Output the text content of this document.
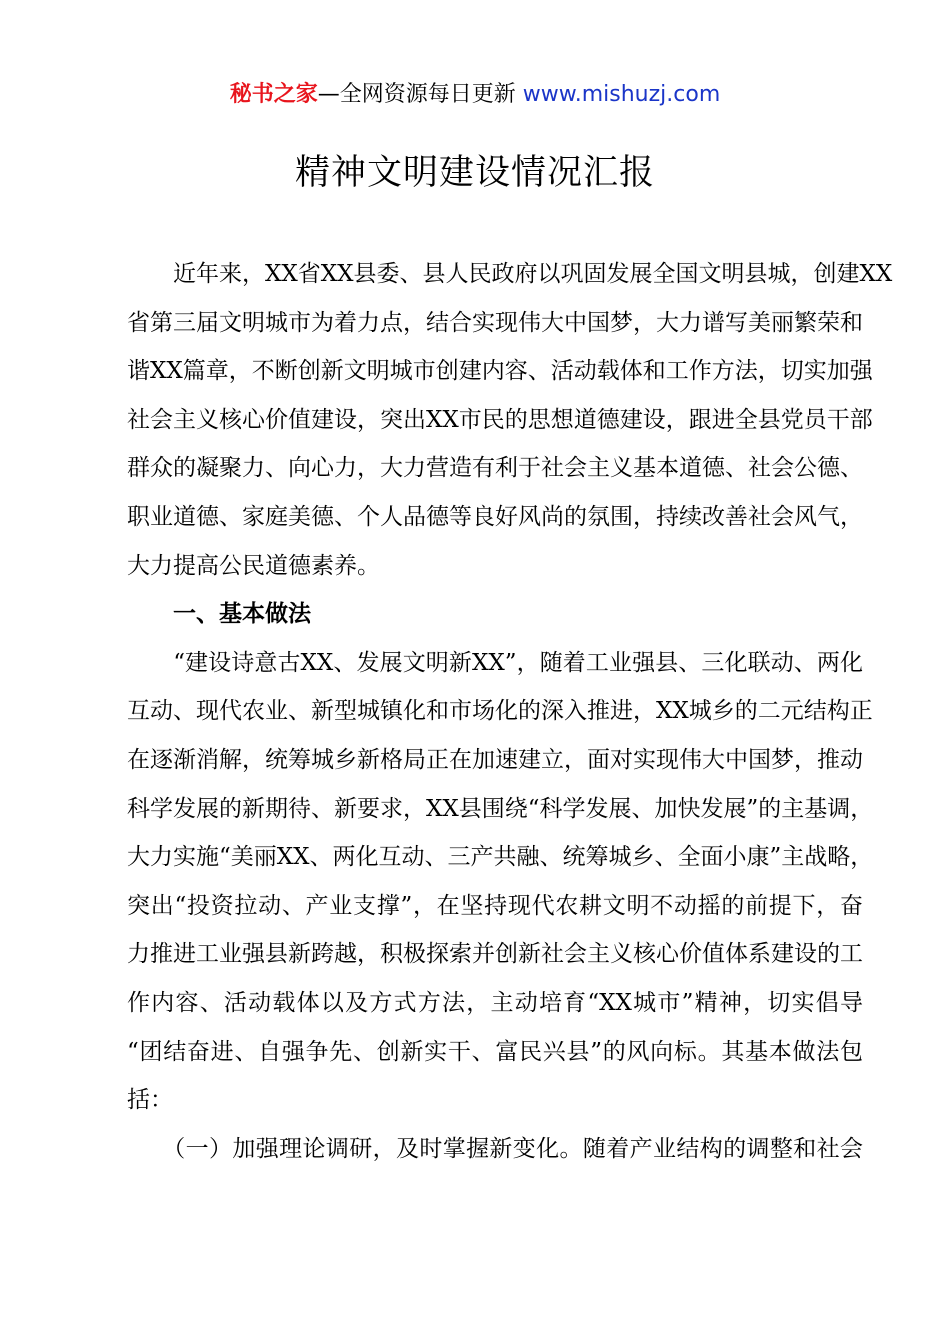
秘书之家—全网资源每日更新 www.mishuzj.com
精神文明建设情况汇报
　　近年来，XX省XX县委、县人民政府以巩固发展全国文明县城，创建XX
省第三届文明城市为着力点，结合实现伟大中国梦，大力谱写美丽繁荣和
谐XX篇章，不断创新文明城市创建内容、活动载体和工作方法，切实加强
社会主义核心价值建设，突出XX市民的思想道德建设，跟进全县党员干部
群众的凝聚力、向心力，大力营造有利于社会主义基本道德、社会公德、
职业道德、家庭美德、个人品德等良好风尚的氛围，持续改善社会风气，
大力提高公民道德素养。
　　一、基本做法
　　“建设诗意古XX、发展文明新XX”，随着工业强县、三化联动、两化
互动、现代农业、新型城镇化和市场化的深入推进，XX城乡的二元结构正
在逐渐消解，统筹城乡新格局正在加速建立，面对实现伟大中国梦，推动
科学发展的新期待、新要求，XX县围绕“科学发展、加快发展”的主基调，
大力实施“美丽XX、两化互动、三产共融、统筹城乡、全面小康”主战略，
突出“投资拉动、产业支撑”，在坚持现代农耕文明不动摇的前提下，奋
力推进工业强县新跨越，积极探索并创新社会主义核心价值体系建设的工
作内容、活动载体以及方式方法，主动培育“XX城市”精神，切实倡导
“团结奋进、自强争先、创新实干、富民兴县”的风向标。其基本做法包
括：
　　（一）加强理论调研，及时掌握新变化。随着产业结构的调整和社会
